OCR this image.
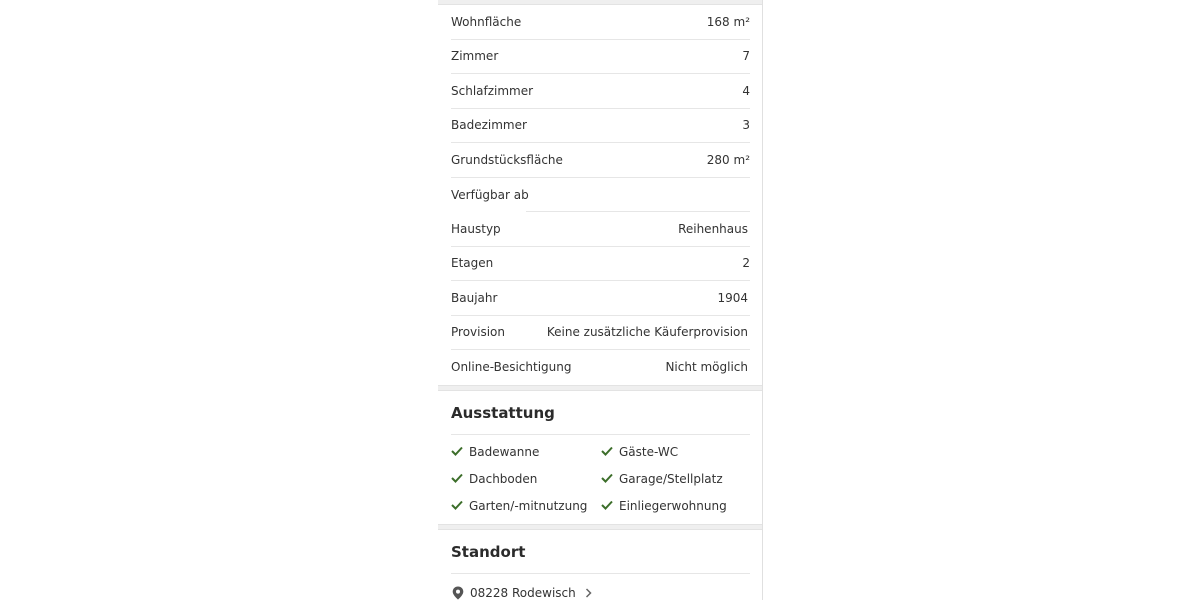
Wohnfläche	168 m²
Zimmer	7
Schlafzimmer	4
Badezimmer	3
Grundstücksfläche	280 m²
Verfügbar ab
Haustyp	Reihenhaus
Etagen	2
Baujahr	1904
Provision	Keine zusätzliche Käuferprovision
Online-Besichtigung	Nicht möglich
Ausstattung
Badewanne	Gäste-WC
Dachboden	Garage/Stellplatz
Garten/-mitnutzung	Einliegerwohnung
Standort
08228 Rodewisch
